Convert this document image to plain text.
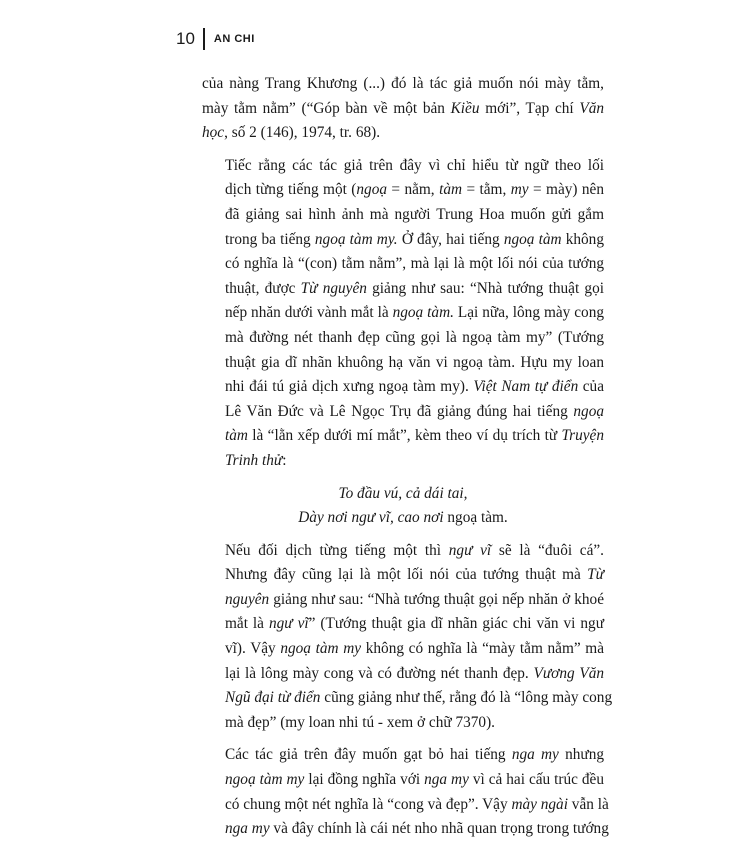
10 AN CHI

của nàng Trang Khương (...) đó là tác giả muốn nói mày tằm,
mày tằm nằm” (“Góp bàn về một bản Kiều mới”, Tạp chí Văn
học, số 2 (146), 1974, tr. 68).

Tiếc rằng các tác giả trên đây vì chỉ hiểu từ ngữ theo lối
dịch từng tiếng một (ngoạ = nằm, tàm = tằm, my = mày) nên
đã giảng sai hình ảnh mà người Trung Hoa muốn gửi gắm
trong ba tiếng ngoạ tàm my. Ở đây, hai tiếng ngoạ tàm không
có nghĩa là “(con) tằm nằm”, mà lại là một lối nói của tướng
thuật, được Từ nguyên giảng như sau: “Nhà tướng thuật gọi
nếp nhăn dưới vành mắt là ngoạ tàm. Lại nữa, lông mày cong
mà đường nét thanh đẹp cũng gọi là ngoạ tàm my” (Tướng
thuật gia dĩ nhãn khuông hạ văn vi ngoạ tàm. Hựu my loan
nhi đái tú giả dịch xưng ngoạ tàm my). Việt Nam tự điển của
Lê Văn Đức và Lê Ngọc Trụ đã giảng đúng hai tiếng ngoạ
tàm là “lằn xếp dưới mí mắt”, kèm theo ví dụ trích từ Truyện
Trinh thử:

To đầu vú, cả dái tai,

Dày nơi ngư vĩ, cao nơi ngoạ tàm.

Nếu đối dịch từng tiếng một thì ngư vĩ sẽ là “đuôi cá”.
Nhưng đây cũng lại là một lối nói của tướng thuật mà Từ
nguyên giảng như sau: “Nhà tướng thuật gọi nếp nhăn ở khoé
mắt là ngư vĩ” (Tướng thuật gia dĩ nhãn giác chi văn vi ngư
vĩ). Vậy ngoạ tàm my không có nghĩa là “mày tằm nằm” mà
lại là lông mày cong và có đường nét thanh đẹp. Vương Văn
Ngũ đại từ điển cũng giảng như thế, rằng đó là “lông mày cong
mà đẹp” (my loan nhi tú - xem ở chữ 7370).

Các tác giả trên đây muốn gạt bỏ hai tiếng nga my nhưng
ngoạ tàm my lại đồng nghĩa với nga my vì cả hai cấu trúc đều
có chung một nét nghĩa là “cong và đẹp”. Vậy mày ngài vẫn là
nga my và đây chính là cái nét nho nhã quan trọng trong tướng
